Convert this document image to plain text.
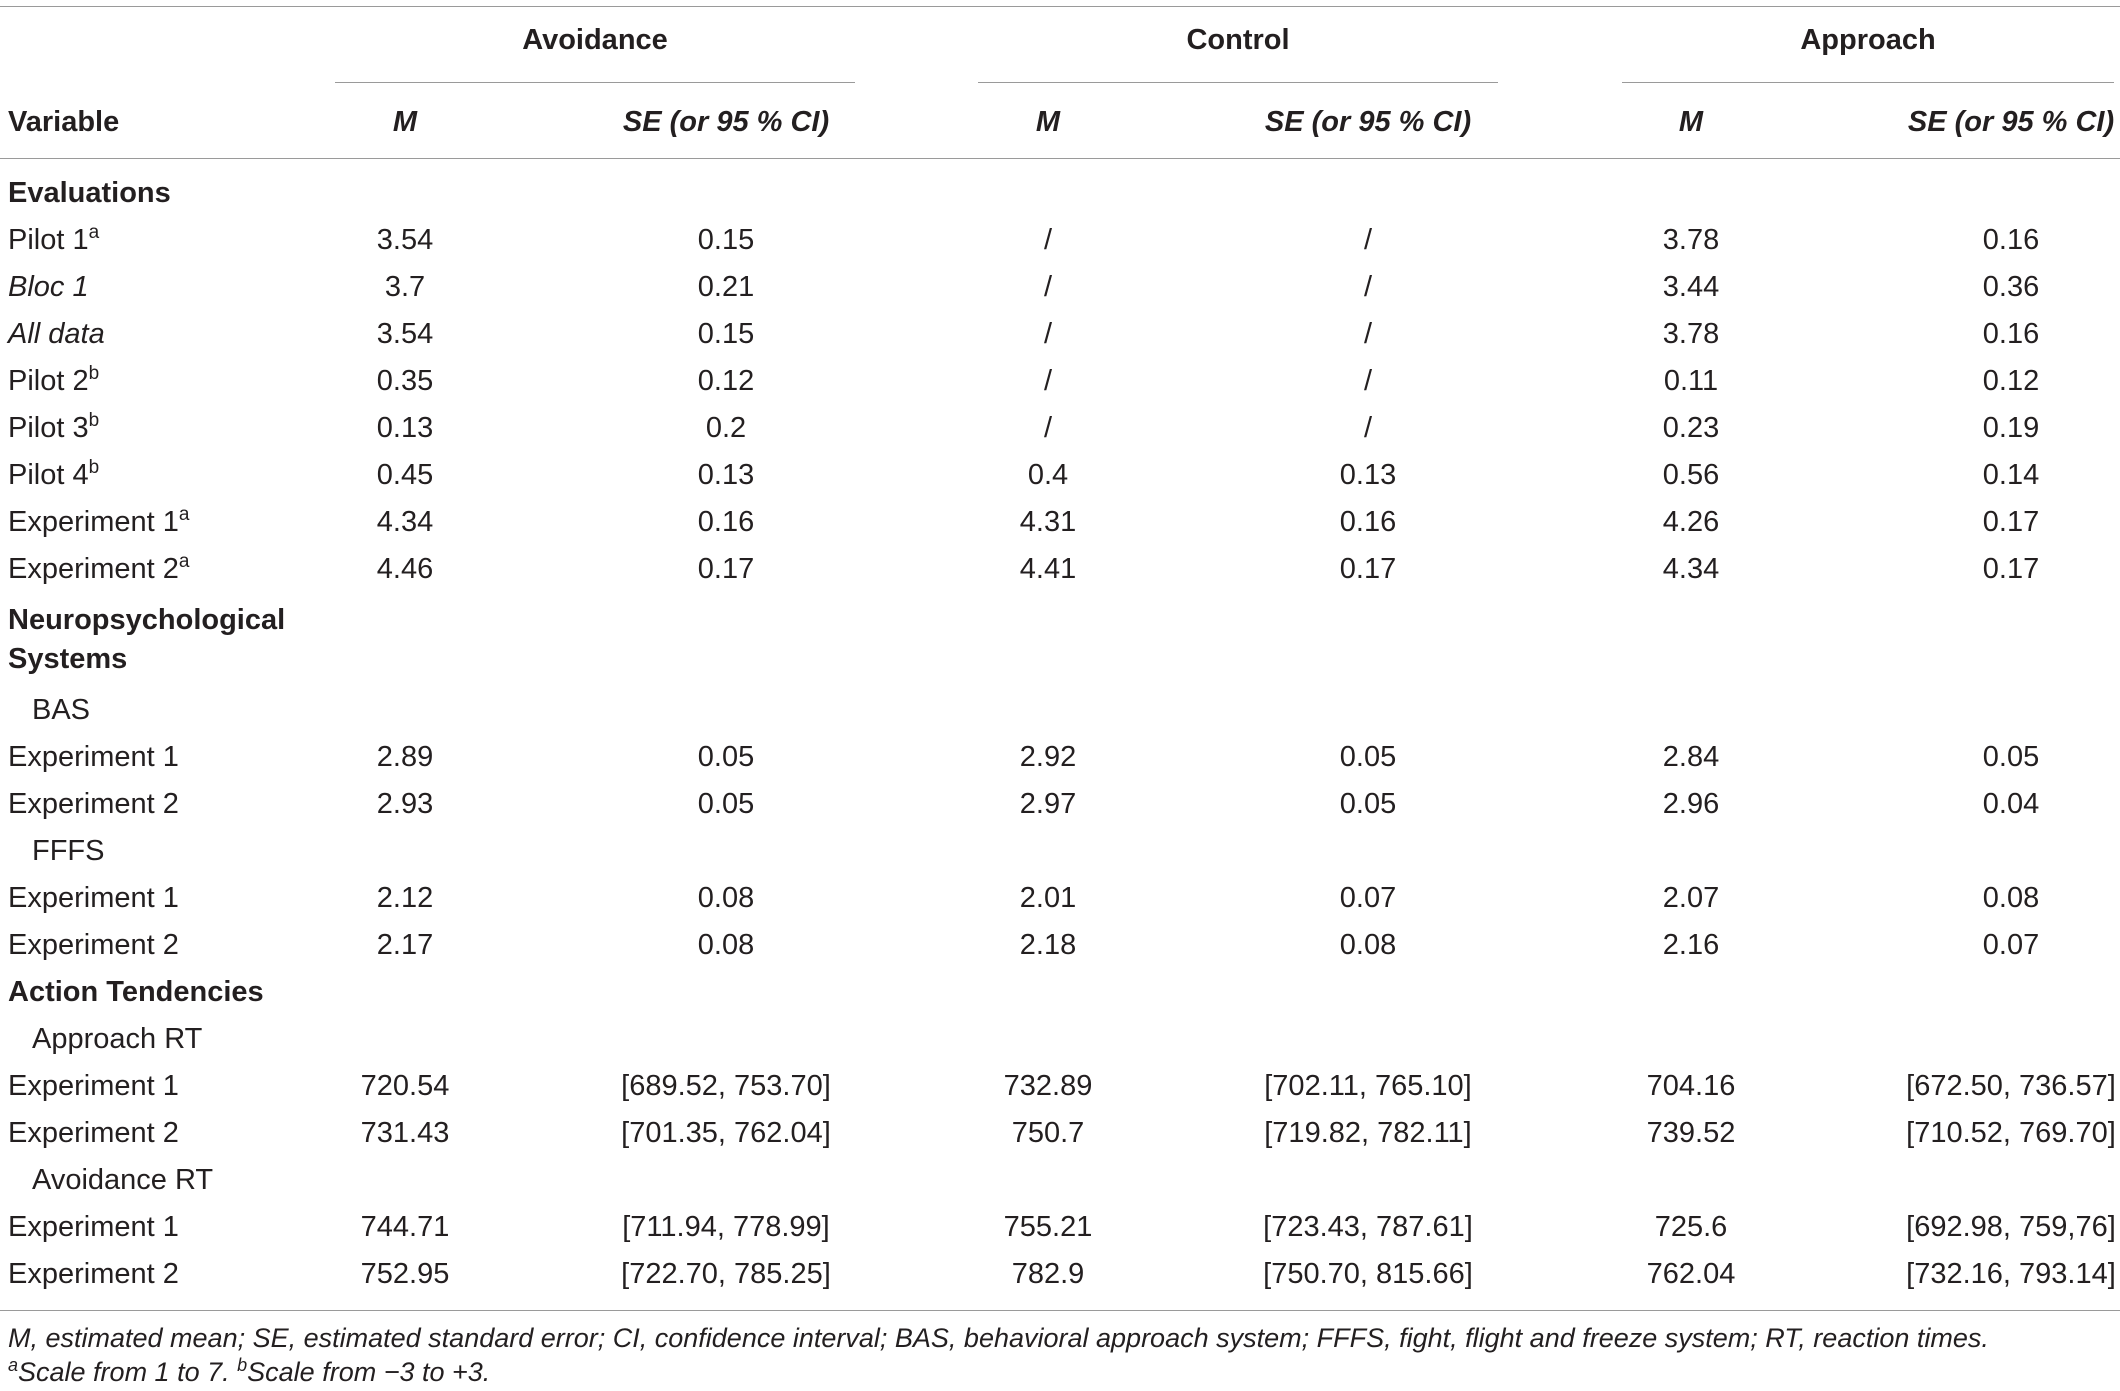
Avoidance	Control	Approach
Variable	M	SE (or 95 % CI)	M	SE (or 95 % CI)	M	SE (or 95 % CI)
Evaluations
Pilot 1$^a$	3.54	0.15	/	/	3.78	0.16
Bloc 1	3.7	0.21	/	/	3.44	0.36
All data	3.54	0.15	/	/	3.78	0.16
Pilot 2$^b$	0.35	0.12	/	/	0.11	0.12
Pilot 3$^b$	0.13	0.2	/	/	0.23	0.19
Pilot 4$^b$	0.45	0.13	0.4	0.13	0.56	0.14
Experiment 1$^a$	4.34	0.16	4.31	0.16	4.26	0.17
Experiment 2$^a$	4.46	0.17	4.41	0.17	4.34	0.17
Neuropsychological Systems
BAS
Experiment 1	2.89	0.05	2.92	0.05	2.84	0.05
Experiment 2	2.93	0.05	2.97	0.05	2.96	0.04
FFFS
Experiment 1	2.12	0.08	2.01	0.07	2.07	0.08
Experiment 2	2.17	0.08	2.18	0.08	2.16	0.07
Action Tendencies
Approach RT
Experiment 1	720.54	[689.52, 753.70]	732.89	[702.11, 765.10]	704.16	[672.50, 736.57]
Experiment 2	731.43	[701.35, 762.04]	750.7	[719.82, 782.11]	739.52	[710.52, 769.70]
Avoidance RT
Experiment 1	744.71	[711.94, 778.99]	755.21	[723.43, 787.61]	725.6	[692.98, 759,76]
Experiment 2	752.95	[722.70, 785.25]	782.9	[750.70, 815.66]	762.04	[732.16, 793.14]
M, estimated mean; SE, estimated standard error; CI, confidence interval; BAS, behavioral approach system; FFFS, fight, flight and freeze system; RT, reaction times.
$^a$Scale from 1 to 7. $^b$Scale from −3 to +3.
